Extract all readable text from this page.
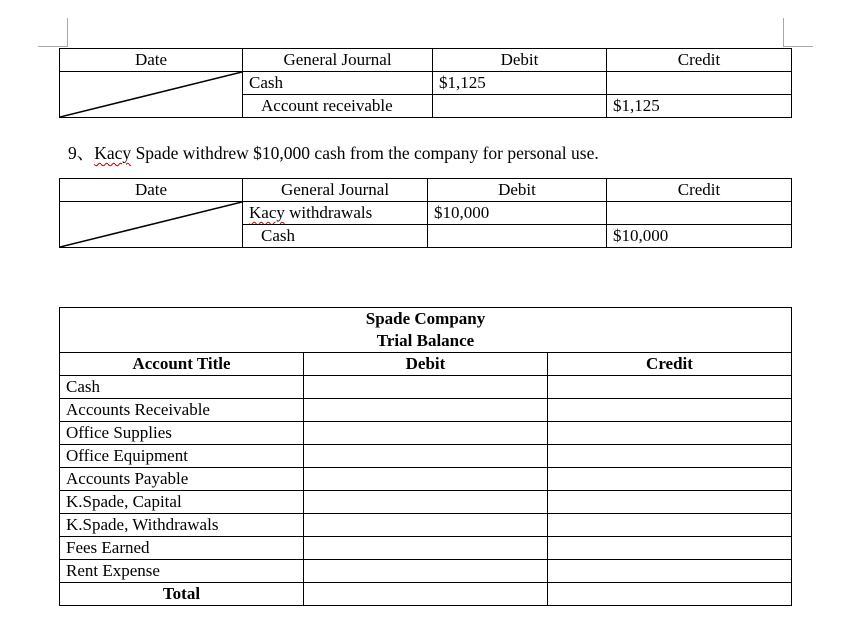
Date	General Journal	Debit	Credit

	Cash	$1,125	
	Account receivable		$1,125

9、Kacy Spade withdrew $10,000 cash from the company for personal use.

Date	General Journal	Debit	Credit

	Kacy withdrawals	$10,000	
	Cash		$10,000
Spade Company		
Trial Balance		
Account Title	Debit	Credit
Cash		
Accounts Receivable		
Office Supplies		
Office Equipment		
Accounts Payable		
K.Spade, Capital		
K.Spade, Withdrawals		
Fees Earned		
Rent Expense		
Total		
